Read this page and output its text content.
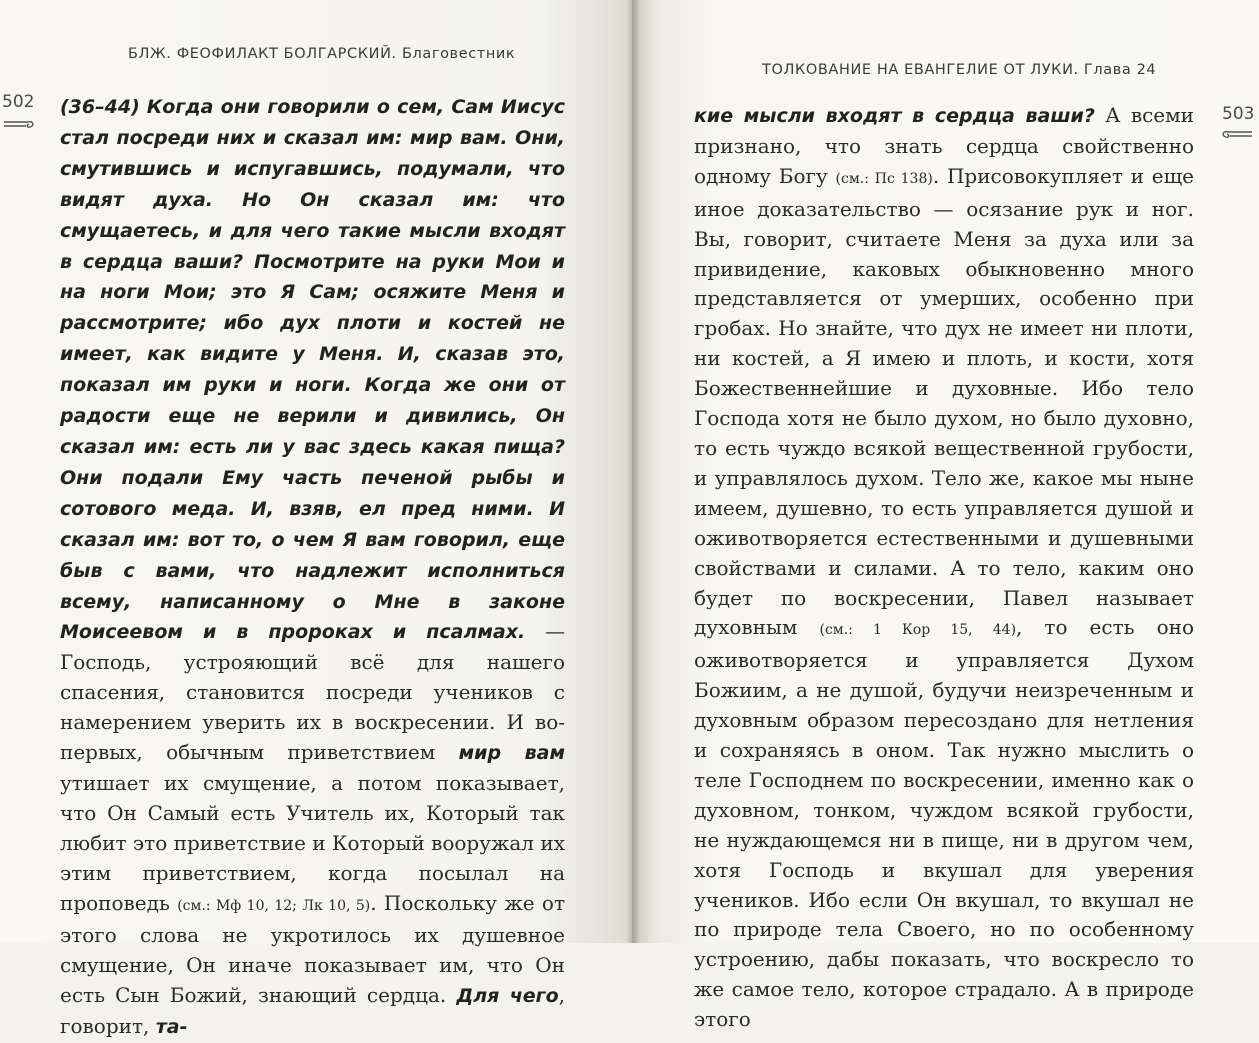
БЛЖ. ФЕОФИЛАКТ БОЛГАРСКИЙ. Благовестник
502 (36–44) Когда они говорили о сем, Сам Иисус стал посреди них и сказал им: мир вам. Они, смутившись и испугавшись, подумали, что видят духа. Но Он сказал им: что смущаетесь, и для чего такие мысли входят в сердца ваши? Посмотрите на руки Мои и на ноги Мои; это Я Сам; осяжите Меня и рассмотрите; ибо дух плоти и костей не имеет, как видите у Меня. И, сказав это, показал им руки и ноги. Когда же они от радости еще не верили и дивились, Он сказал им: есть ли у вас здесь какая пища? Они подали Ему часть печеной рыбы и сотового меда. И, взяв, ел пред ними. И сказал им: вот то, о чем Я вам говорил, еще быв с вами, что надлежит исполниться всему, написанному о Мне в законе Моисеевом и в пророках и псалмах. — Господь, устрояющий всё для нашего спасения, становится посреди учеников с намерением уверить их в воскресении. И во-первых, обычным приветствием мир вам утишает их смущение, а потом показывает, что Он Самый есть Учитель их, Который так любит это приветствие и Который вооружал их этим приветствием, когда посылал на проповедь (см.: Мф 10, 12; Лк 10, 5). Поскольку же от этого слова не укротилось их душевное смущение, Он иначе показывает им, что Он есть Сын Божий, знающий сердца. Для чего, говорит, та-

ТОЛКОВАНИЕ НА ЕВАНГЕЛИЕ ОТ ЛУКИ. Глава 24
503

кие мысли входят в сердца ваши? А всеми признано, что знать сердца свойственно одному Богу (см.: Пс 138). Присовокупляет и еще иное доказательство — осязание рук и ног. Вы, говорит, считаете Меня за духа или за привидение, каковых обыкновенно много представляется от умерших, особенно при гробах. Но знайте, что дух не имеет ни плоти, ни костей, а Я имею и плоть, и кости, хотя Божественнейшие и духовные. Ибо тело Господа хотя не было духом, но было духовно, то есть чуждо всякой вещественной грубости, и управлялось духом. Тело же, какое мы ныне имеем, душевно, то есть управляется душой и оживотворяется естественными и душевными свойствами и силами. А то тело, каким оно будет по воскресении, Павел называет духовным (см.: 1 Кор 15, 44), то есть оно оживотворяется и управляется Духом Божиим, а не душой, будучи неизреченным и духовным образом пересоздано для нетления и сохраняясь в оном. Так нужно мыслить о теле Господнем по воскресении, именно как о духовном, тонком, чуждом всякой грубости, не нуждающемся ни в пище, ни в другом чем, хотя Господь и вкушал для уверения учеников. Ибо если Он вкушал, то вкушал не по природе тела Своего, но по особенному устроению, дабы показать, что воскресло то же самое тело, которое страдало. А в природе этого
